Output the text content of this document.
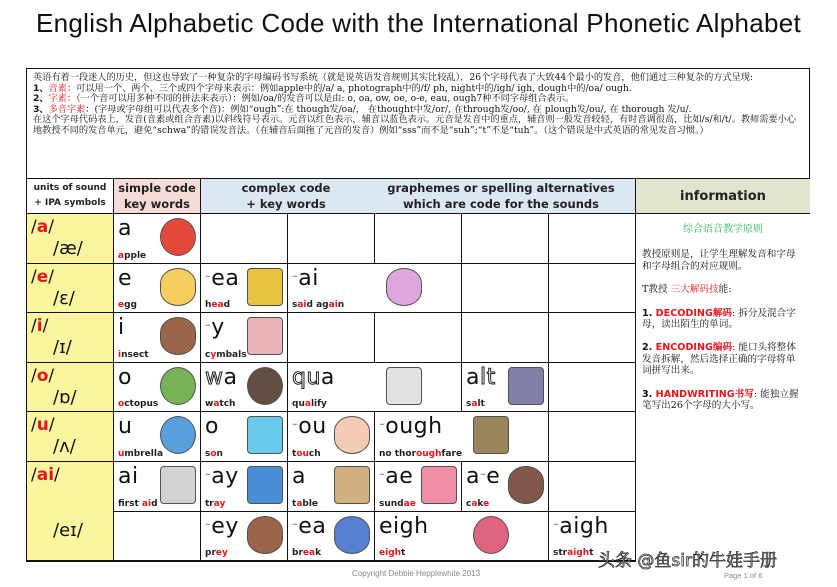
English Alphabetic Code with the International Phonetic Alphabet

英语有着一段迷人的历史，但这也导致了一种复杂的字母编码书写系统（就是说英语发音规则其实比较乱），26个字母代表了大致44个最小的发音，他们通过三种复杂的方式呈现:

1、音素：可以用一个、两个、三个或四个字母来表示：例如apple中的/a/ a, photograph中的/f/ ph, night中的/igh/ igh, dough中的/oa/ ough.

2、字素：（一个音可以用多种不同的拼法来表示）：例如/oa/的发音可以是由: o, oa, ow, oe, o-e, eau, ough7种不同字母组合表示。

3、多音字素：(字母或字母组可以代表多个音)：例如“ough”:在 though发/oa/， 在thought中发/or/, 在through发/oo/, 在 plough发/ou/, 在 thorough 发/u/.

在这个字母代码表上，发音(音素或组合音素)以斜线符号表示。元音以红色表示，辅音以蓝色表示。元音是发音中的重点，辅音则一般发音较轻，有时音调很高，比如/s/和/t/。教师需要小心地教授不同的发音单元，避免“schwa”的错误发音法。（在辅音后面拖了元音的发音）例如“sss”而不是“suh”;“t”不是“tuh”。（这个错误是中式英语的常见发音习惯。）

units of sound
+ IPA symbols
simple code
key words
complex code
+ key words
graphemes or spelling alternatives
which are code for the sounds	information
综合语音教学原则
教授原则是，让学生理解发音和字母和字母组合的对应规则。
T教授 三大解码技能:
1. DECODING解码: 拆分及混合字母，读出陌生的单词。
2. ENCODING编码: 能口头将整体发音拆解，然后选择正确的字母将单词拼写出来。
3. HANDWRITING书写: 能独立握笔写出26个字母的大小写。
/a/
/æ/
/e/
/ɛ/
/i/
/ɪ/
/o/
/ɒ/
/u/
/ʌ/
/ai/
/eɪ/
a
apple
e
egg
-ea
head
-ai
said again
i
insect
-y
cymbals
o
octopus
wa
watch
qua
qualify
alt
salt
u
umbrella
o
son
-ou
touch
-ough
no thoroughfare
ai
first aid
-ay
tray
a
table
-ae
sundae
a-e
cake
-ey
prey
-ea
break
eigh
eight
-aigh
straight
Copyright Debbie Hepplewhite 2013	Page 1 of 6
头条 @鱼sir的牛娃手册
